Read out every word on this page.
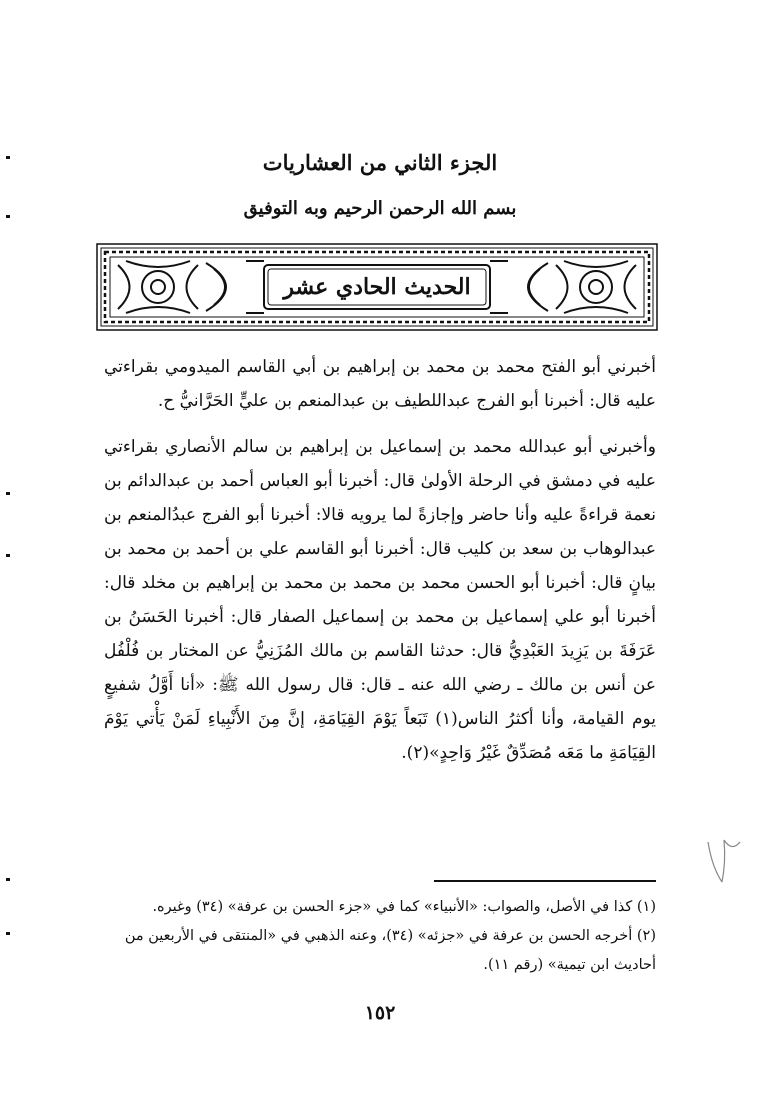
الجزء الثاني من العشاريات
بسم الله الرحمن الرحيم وبه التوفيق
الحديث الحادي عشر

أخبرني أبو الفتح محمد بن محمد بن إبراهيم بن أبي القاسم الميدومي بقراءتي عليه قال: أخبرنا أبو الفرج عبداللطيف بن عبدالمنعم بن عليٍّ الحَرَّانيُّ ح.

وأخبرني أبو عبدالله محمد بن إسماعيل بن إبراهيم بن سالم الأنصاري بقراءتي عليه في دمشق في الرحلة الأولىٰ قال: أخبرنا أبو العباس أحمد بن عبدالدائم بن نعمة قراءةً عليه وأنا حاضر وإجازةً لما يرويه قالا: أخبرنا أبو الفرج عبدُالمنعم بن عبدالوهاب بن سعد بن كليب قال: أخبرنا أبو القاسم علي بن أحمد بن محمد بن بيانٍ قال: أخبرنا أبو الحسن محمد بن محمد بن محمد بن إبراهيم بن مخلد قال: أخبرنا أبو علي إسماعيل بن محمد بن إسماعيل الصفار قال: أخبرنا الحَسَنُ بن عَرَفَةَ بن يَزِيدَ العَبْدِيُّ قال: حدثنا القاسم بن مالك المُزَنِيُّ عن المختار بن فُلْفُل عن أنس بن مالك ـ رضي الله عنه ـ قال: قال رسول الله ﷺ: «أنا أَوَّلُ شفيعٍ يوم القيامة، وأنا أكثرُ الناس(١) تَبَعاً يَوْمَ القِيَامَةِ، إنَّ مِنَ الأَنْبِياءِ لَمَنْ يَأْتي يَوْمَ القِيَامَةِ ما مَعَه مُصَدِّقٌ غَيْرُ وَاحِدٍ»(٢).

(١) كذا في الأصل، والصواب: «الأنبياء» كما في «جزء الحسن بن عرفة» (٣٤) وغيره.

(٢) أخرجه الحسن بن عرفة في «جزئه» (٣٤)، وعنه الذهبي في «المنتقى في الأربعين من أحاديث ابن تيمية» (رقم ١١).

١٥٢
